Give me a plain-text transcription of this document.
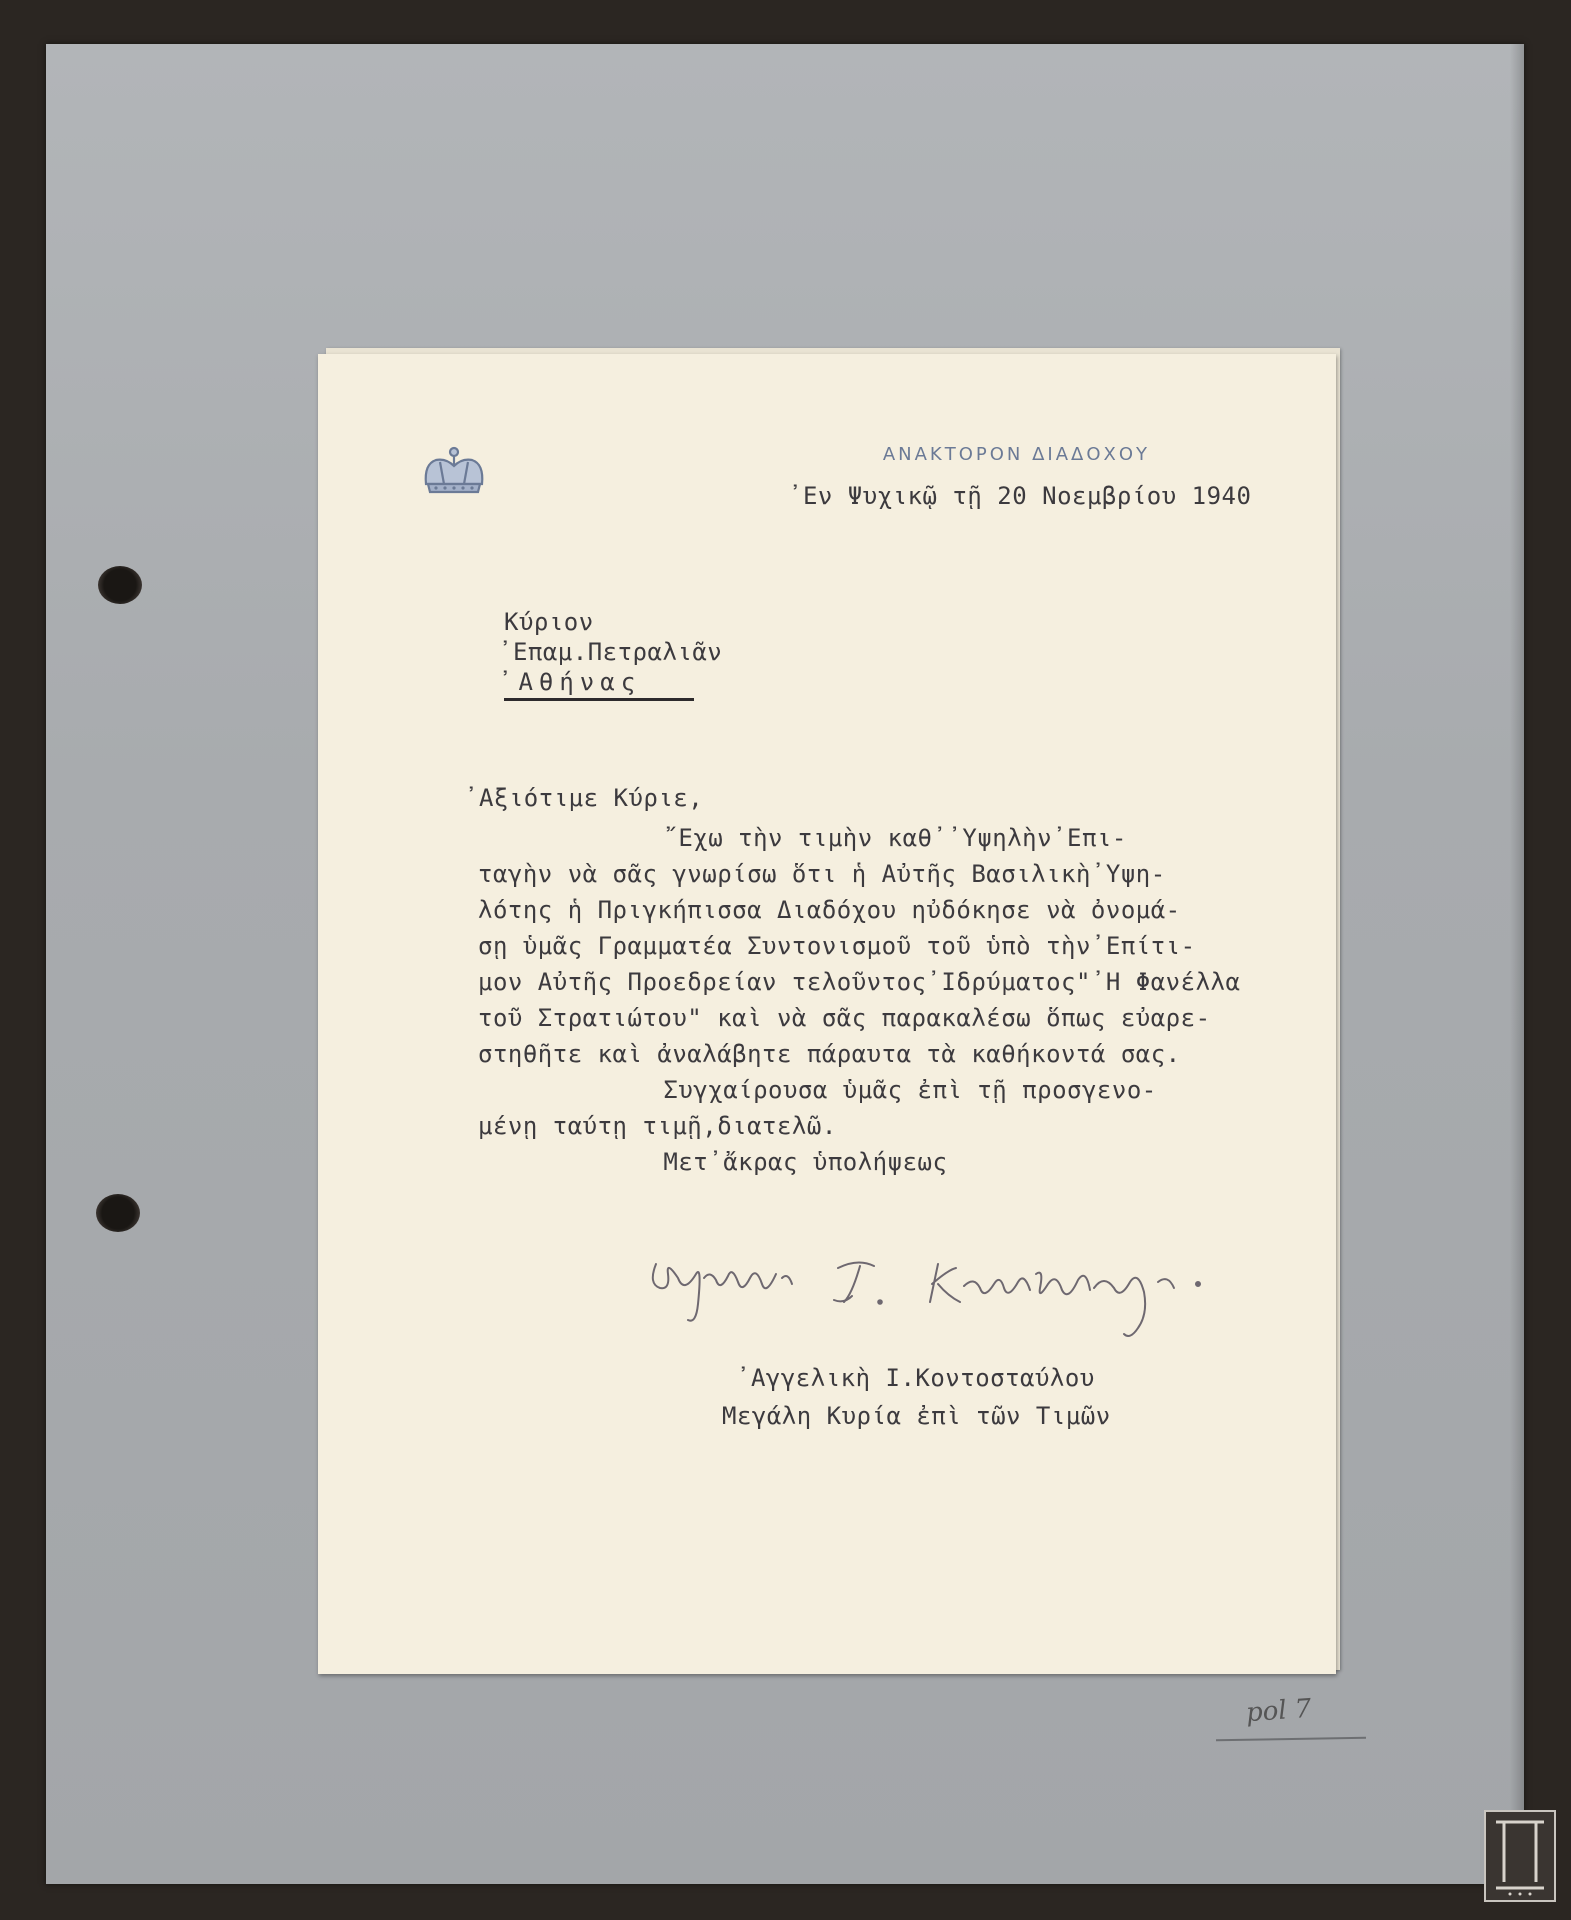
ΑΝΑΚΤΟΡΟΝ ΔΙΑΔΟΧΟΥ
᾿Εν Ψυχικῷ τῇ 20 Νοεμβρίου 1940
Κύριον
᾿Επαμ.Πετραλιᾶν
᾿Αθήνας
᾿Αξιότιμε Κύριε,
῎Εχω τὴν τιμὴν καθ᾿᾿Υψηλὴν᾿Επι-
ταγὴν νὰ σᾶς γνωρίσω ὅτι ἡ Αὐτῆς Βασιλικὴ᾿Υψη-
λότης ἡ Πριγκήπισσα Διαδόχου ηὐδόκησε νὰ ὀνομά-
σῃ ὑμᾶς Γραμματέα Συντονισμοῦ τοῦ ὑπὸ τὴν᾿Επίτι-
μον Αὐτῆς Προεδρείαν τελοῦντος᾿Ιδρύματος"᾿Η Φανέλλα
τοῦ Στρατιώτου" καὶ νὰ σᾶς παρακαλέσω ὅπως εὐαρε-
στηθῆτε καὶ ἀναλάβητε πάραυτα τὰ καθήκοντά σας.
Συγχαίρουσα ὑμᾶς ἐπὶ τῇ προσγενο-
μένῃ ταύτῃ τιμῇ,διατελῶ.
Μετ᾿ἄκρας ὑπολήψεως
᾿Αγγελικὴ Ι.Κοντοσταύλου
Μεγάλη Κυρία ἐπὶ τῶν Τιμῶν
pol 7
